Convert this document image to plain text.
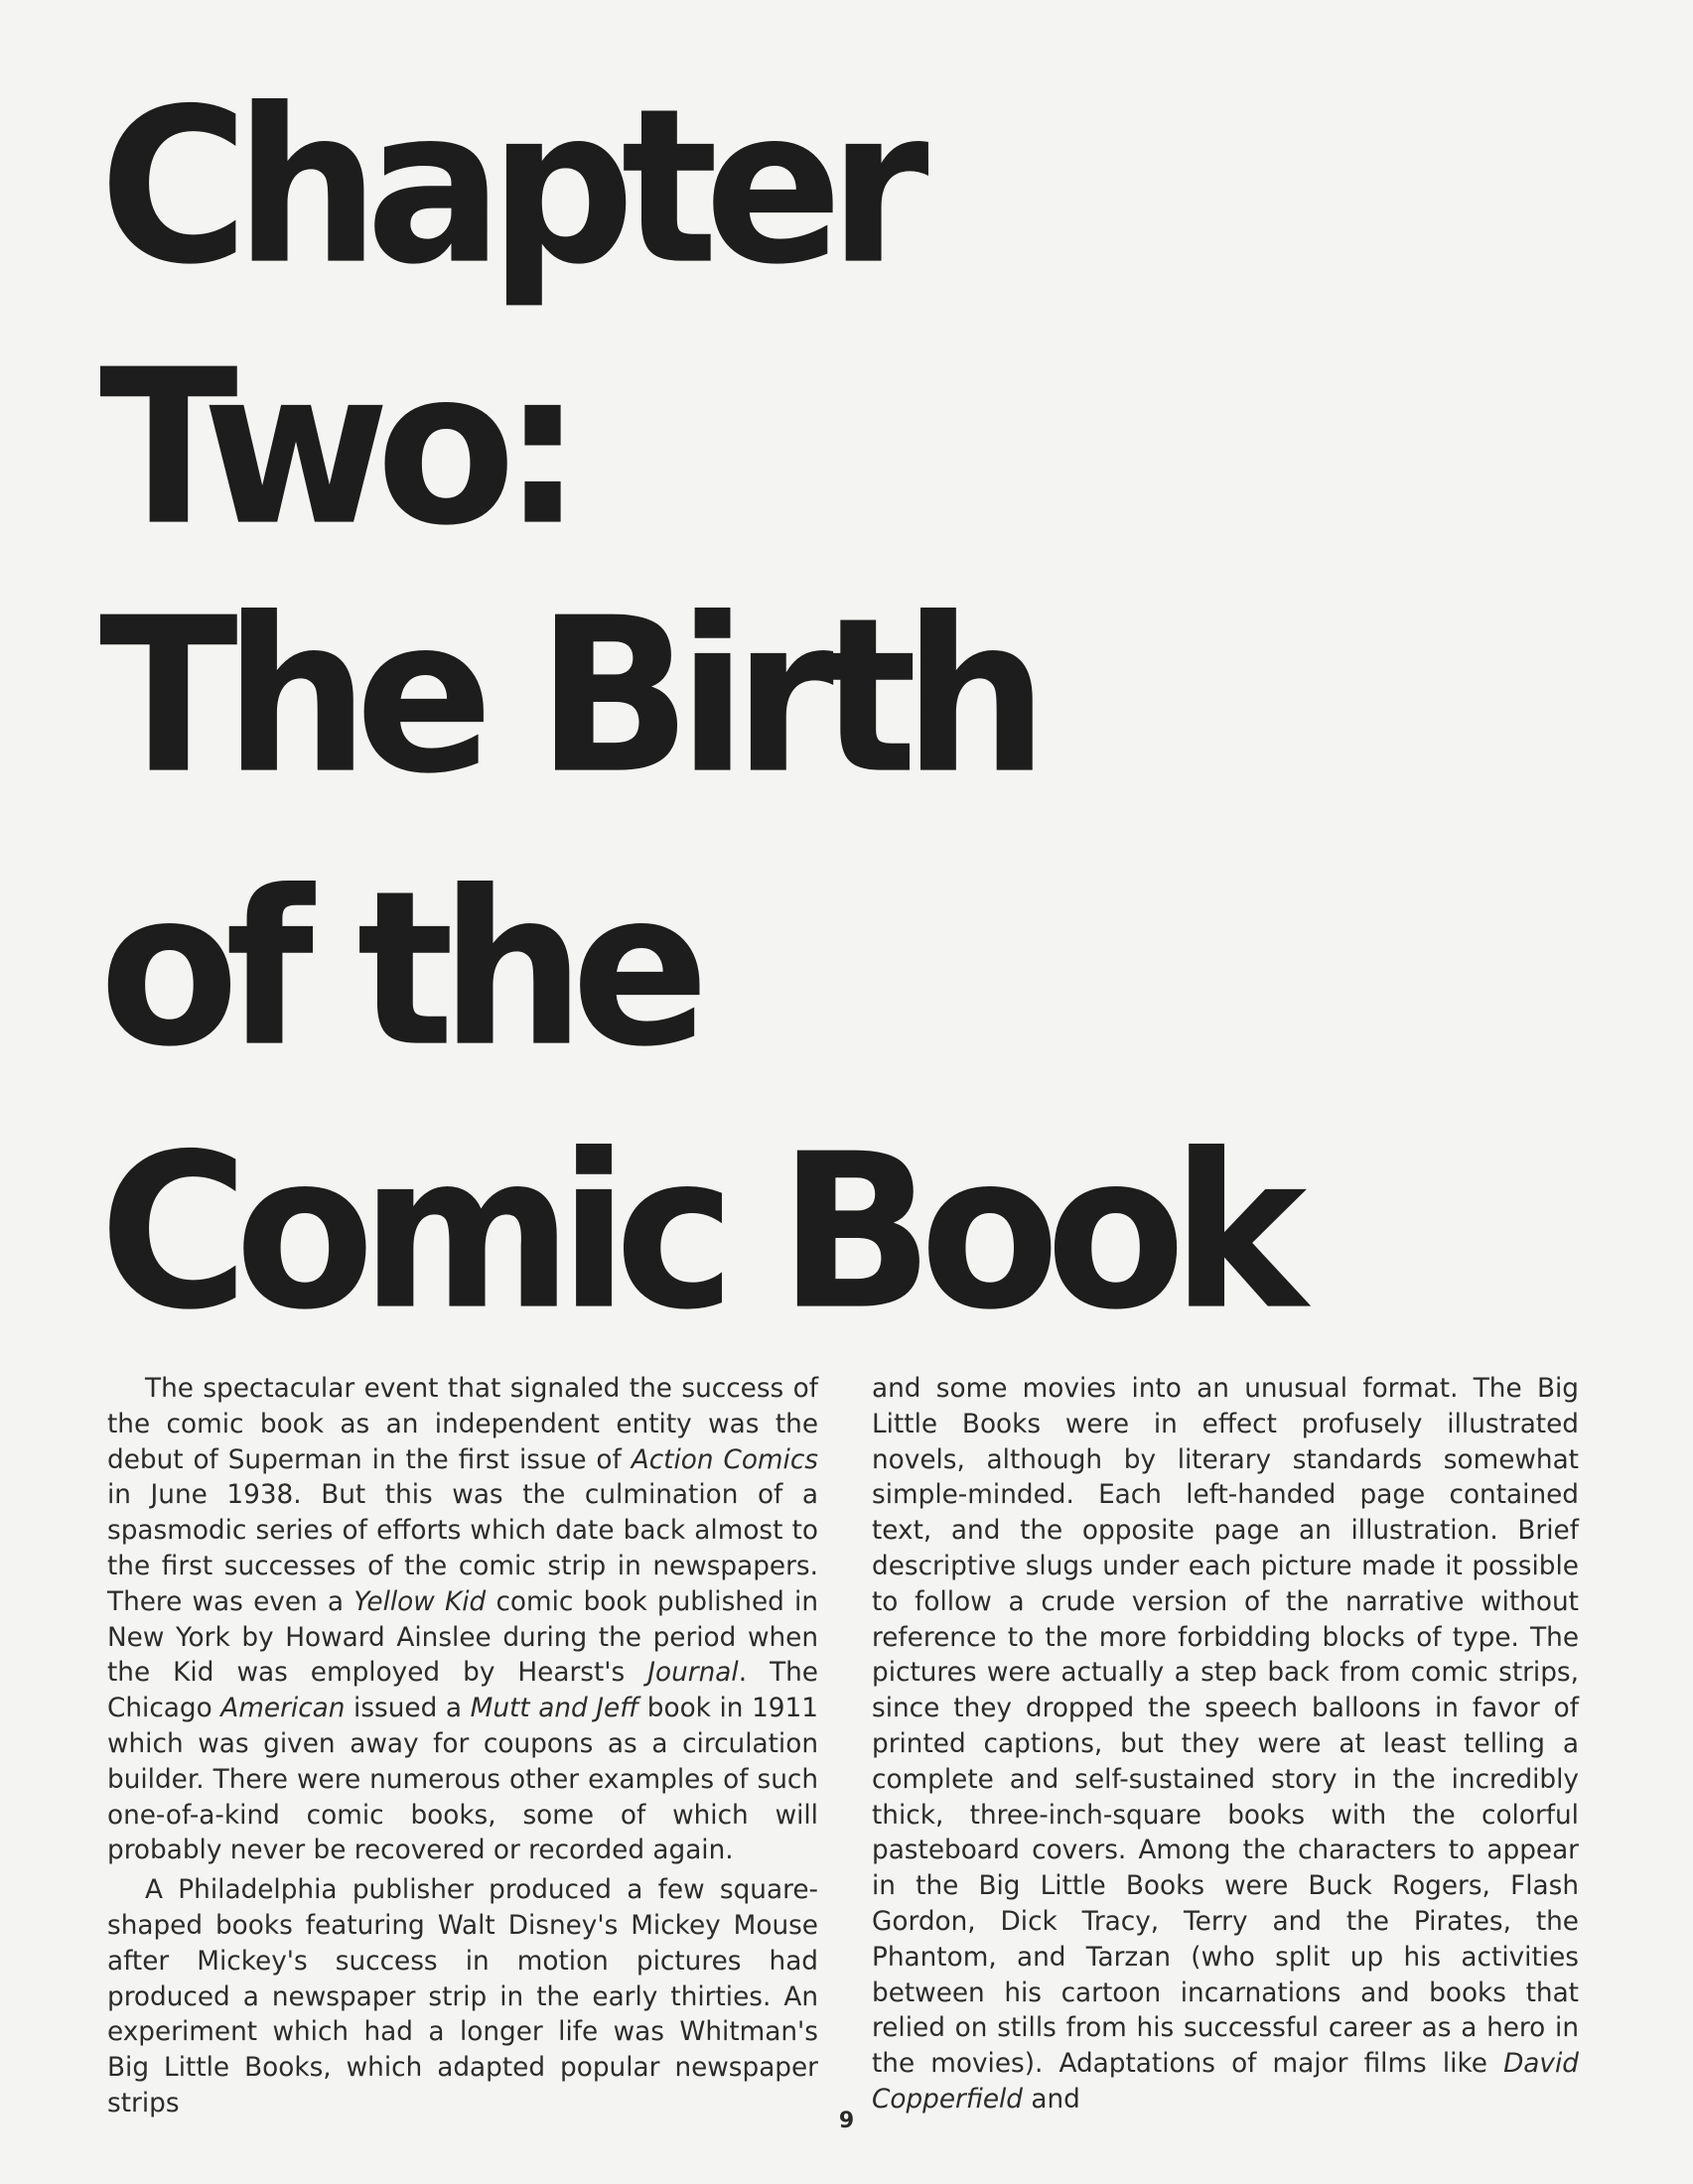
Chapter
Two:
The Birth
of the
Comic Book

The spectacular event that signaled the success of the comic book as an independent entity was the debut of Superman in the first issue of Action Comics in June 1938. But this was the culmination of a spasmodic series of efforts which date back almost to the first successes of the comic strip in newspapers. There was even a Yellow Kid comic book published in New York by Howard Ainslee during the period when the Kid was employed by Hearst's Journal. The Chicago American issued a Mutt and Jeff book in 1911 which was given away for coupons as a circulation builder. There were numerous other examples of such one-of-a-kind comic books, some of which will probably never be recovered or recorded again.

A Philadelphia publisher produced a few square-shaped books featuring Walt Disney's Mickey Mouse after Mickey's success in motion pictures had produced a newspaper strip in the early thirties. An experiment which had a longer life was Whitman's Big Little Books, which adapted popular newspaper strips

and some movies into an unusual format. The Big Little Books were in effect profusely illustrated novels, although by literary standards somewhat simple-minded. Each left-handed page contained text, and the opposite page an illustration. Brief descriptive slugs under each picture made it possible to follow a crude version of the narrative without reference to the more forbidding blocks of type. The pictures were actually a step back from comic strips, since they dropped the speech balloons in favor of printed captions, but they were at least telling a complete and self-sustained story in the incredibly thick, three-inch-square books with the colorful pasteboard covers. Among the characters to appear in the Big Little Books were Buck Rogers, Flash Gordon, Dick Tracy, Terry and the Pirates, the Phantom, and Tarzan (who split up his activities between his cartoon incarnations and books that relied on stills from his successful career as a hero in the movies). Adaptations of major films like David Copperfield and

9
